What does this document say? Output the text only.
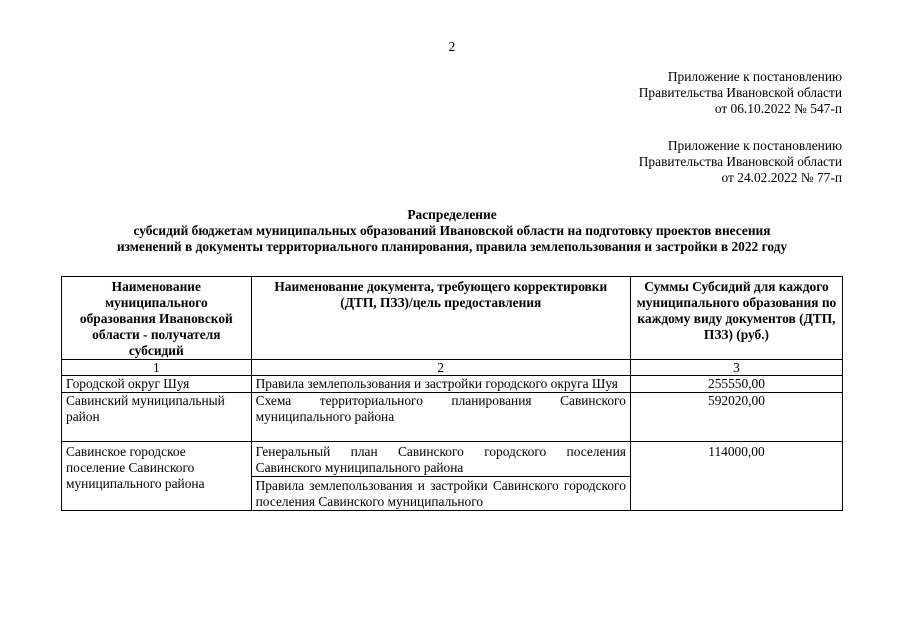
2
Приложение к постановлению
Правительства Ивановской области
от 06.10.2022 № 547-п
Приложение к постановлению
Правительства Ивановской области
от 24.02.2022 № 77-п
Распределение
субсидий бюджетам муниципальных образований Ивановской области на подготовку проектов внесения
изменений в документы территориального планирования, правила землепользования и застройки в 2022 году
Наименование муниципального образования Ивановской области - получателя субсидий	Наименование документа, требующего корректировки (ДТП, ПЗЗ)/цель предоставления	Суммы Субсидий для каждого муниципального образования по каждому виду документов (ДТП, ПЗЗ) (руб.)
1	2	3
Городской округ Шуя	Правила землепользования и застройки городского округа Шуя	255550,00
Савинский муниципальный район	Схема территориального планирования Савинского муниципального района	592020,00
Савинское городское поселение Савинского муниципального района	Генеральный план Савинского городского поселения Савинского муниципального района	114000,00
	Правила землепользования и застройки Савинского городского поселения Савинского муниципального	
